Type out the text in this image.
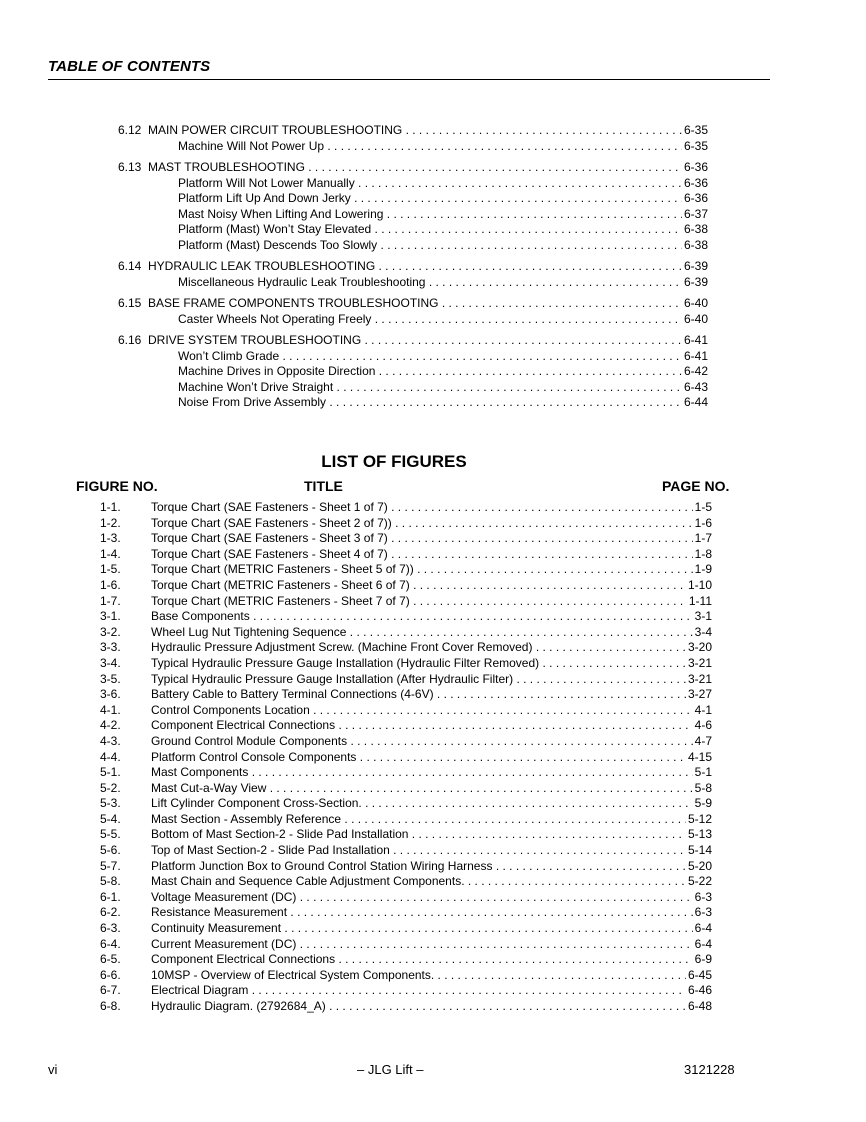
TABLE OF CONTENTS
6.12 MAIN POWER CIRCUIT TROUBLESHOOTING . . .	6-35
Machine Will Not Power Up . . .	6-35
6.13 MAST TROUBLESHOOTING . . .	6-36
Platform Will Not Lower Manually . . .	6-36
Platform Lift Up And Down Jerky . . .	6-36
Mast Noisy When Lifting And Lowering . . .	6-37
Platform (Mast) Won’t Stay Elevated . . .	6-38
Platform (Mast) Descends Too Slowly . . .	6-38
6.14 HYDRAULIC LEAK TROUBLESHOOTING . . .	6-39
Miscellaneous Hydraulic Leak Troubleshooting . . .	6-39
6.15 BASE FRAME COMPONENTS TROUBLESHOOTING . . .	6-40
Caster Wheels Not Operating Freely . . .	6-40
6.16 DRIVE SYSTEM TROUBLESHOOTING . . .	6-41
Won’t Climb Grade . . .	6-41
Machine Drives in Opposite Direction . . .	6-42
Machine Won’t Drive Straight . . .	6-43
Noise From Drive Assembly . . .	6-44
LIST OF FIGURES
FIGURE NO.	TITLE	PAGE NO.
1-1.	Torque Chart (SAE Fasteners - Sheet 1 of 7) . . .	1-5
1-2.	Torque Chart (SAE Fasteners - Sheet 2 of 7)) . . .	1-6
1-3.	Torque Chart (SAE Fasteners - Sheet 3 of 7) . . .	1-7
1-4.	Torque Chart (SAE Fasteners - Sheet 4 of 7) . . .	1-8
1-5.	Torque Chart (METRIC Fasteners - Sheet 5 of 7)) . . .	1-9
1-6.	Torque Chart (METRIC Fasteners - Sheet 6 of 7) . . .	1-10
1-7.	Torque Chart (METRIC Fasteners - Sheet 7 of 7) . . .	1-11
3-1.	Base Components . . .	3-1
3-2.	Wheel Lug Nut Tightening Sequence . . .	3-4
3-3.	Hydraulic Pressure Adjustment Screw. (Machine Front Cover Removed) . . .	3-20
3-4.	Typical Hydraulic Pressure Gauge Installation (Hydraulic Filter Removed) . . .	3-21
3-5.	Typical Hydraulic Pressure Gauge Installation (After Hydraulic Filter) . . .	3-21
3-6.	Battery Cable to Battery Terminal Connections (4-6V) . . .	3-27
4-1.	Control Components Location . . .	4-1
4-2.	Component Electrical Connections . . .	4-6
4-3.	Ground Control Module Components . . .	4-7
4-4.	Platform Control Console Components . . .	4-15
5-1.	Mast Components . . .	5-1
5-2.	Mast Cut-a-Way View . . .	5-8
5-3.	Lift Cylinder Component Cross-Section. . . .	5-9
5-4.	Mast Section - Assembly Reference . . .	5-12
5-5.	Bottom of Mast Section-2 - Slide Pad Installation . . .	5-13
5-6.	Top of Mast Section-2 - Slide Pad Installation . . .	5-14
5-7.	Platform Junction Box to Ground Control Station Wiring Harness . . .	5-20
5-8.	Mast Chain and Sequence Cable Adjustment Components. . . .	5-22
6-1.	Voltage Measurement (DC) . . .	6-3
6-2.	Resistance Measurement . . .	6-3
6-3.	Continuity Measurement . . .	6-4
6-4.	Current Measurement (DC) . . .	6-4
6-5.	Component Electrical Connections . . .	6-9
6-6.	10MSP - Overview of Electrical System Components. . . .	6-45
6-7.	Electrical Diagram . . .	6-46
6-8.	Hydraulic Diagram. (2792684_A) . . .	6-48
vi	– JLG Lift –	3121228
